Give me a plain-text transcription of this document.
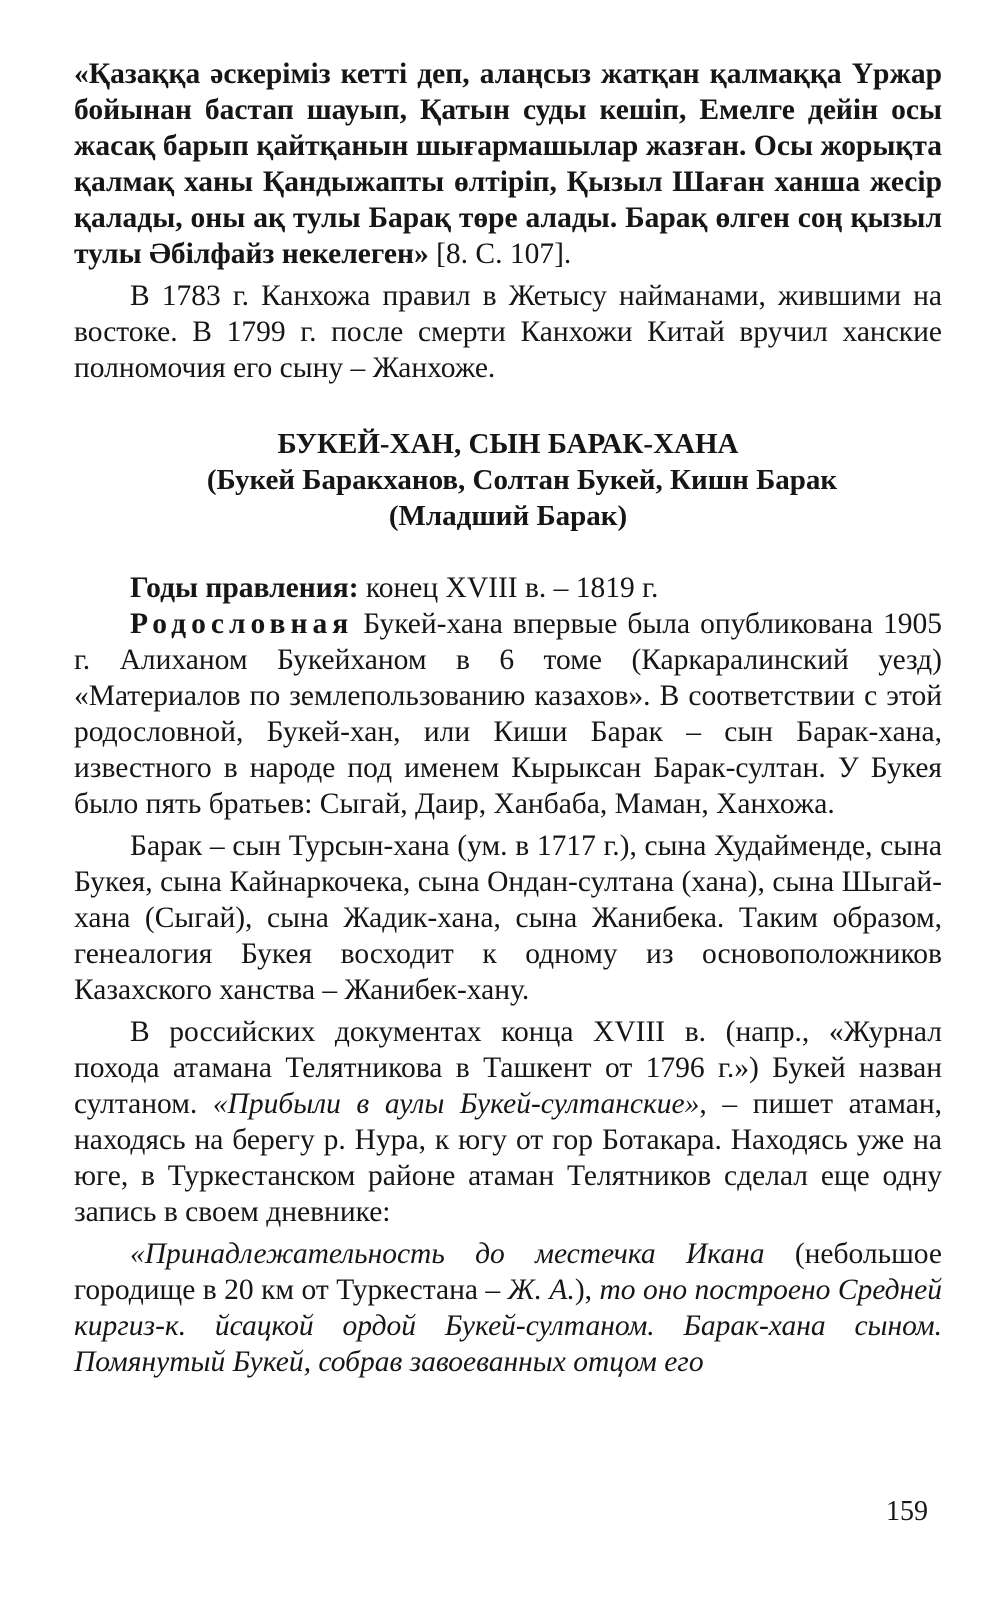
«Қазаққа әскеріміз кетті деп, алаңсыз жатқан қалмаққа Үржар бойынан бастап шауып, Қатын суды кешіп, Емелге дейін осы жасақ барып қайтқанын шығармашылар жазған. Осы жорықта қалмақ ханы Қандыжапты өлтіріп, Қызыл Шаған ханша жесір қалады, оны ақ тулы Барақ төре алады. Барақ өлген соң қызыл тулы Әбілфайз некелеген» [8. С. 107].

В 1783 г. Канхожа правил в Жетысу найманами, жившими на востоке. В 1799 г. после смерти Канхожи Китай вручил ханские полномочия его сыну – Жанхоже.

БУКЕЙ-ХАН, СЫН БАРАК-ХАНА
(Букей Баракханов, Солтан Букей, Кишн Барак
(Младший Барак)

Годы правления: конец XVIII в. – 1819 г.

Родословная Букей-хана впервые была опубликована 1905 г. Алиханом Букейханом в 6 томе (Каркаралинский уезд) «Материалов по землепользованию казахов». В соответствии с этой родословной, Букей-хан, или Киши Барак – сын Барак-хана, известного в народе под именем Кырыксан Барак-султан. У Букея было пять братьев: Сыгай, Даир, Ханбаба, Маман, Ханхожа.

Барак – сын Турсын-хана (ум. в 1717 г.), сына Худайменде, сына Букея, сына Кайнаркочека, сына Ондан-султана (хана), сына Шыгай-хана (Сыгай), сына Жадик-хана, сына Жанибека. Таким образом, генеалогия Букея восходит к одному из основоположников Казахского ханства – Жанибек-хану.

В российских документах конца XVIII в. (напр., «Журнал похода атамана Телятникова в Ташкент от 1796 г.») Букей назван султаном. «Прибыли в аулы Букей-султанские», – пишет атаман, находясь на берегу р. Нура, к югу от гор Ботакара. Находясь уже на юге, в Туркестанском районе атаман Телятников сделал еще одну запись в своем дневнике:

«Принадлежательность до местечка Икана (небольшое городище в 20 км от Туркестана – Ж. А.), то оно построено Средней киргиз-к. йсацкой ордой Букей-султаном. Барак-хана сыном. Помянутый Букей, собрав завоеванных отцом его

159
